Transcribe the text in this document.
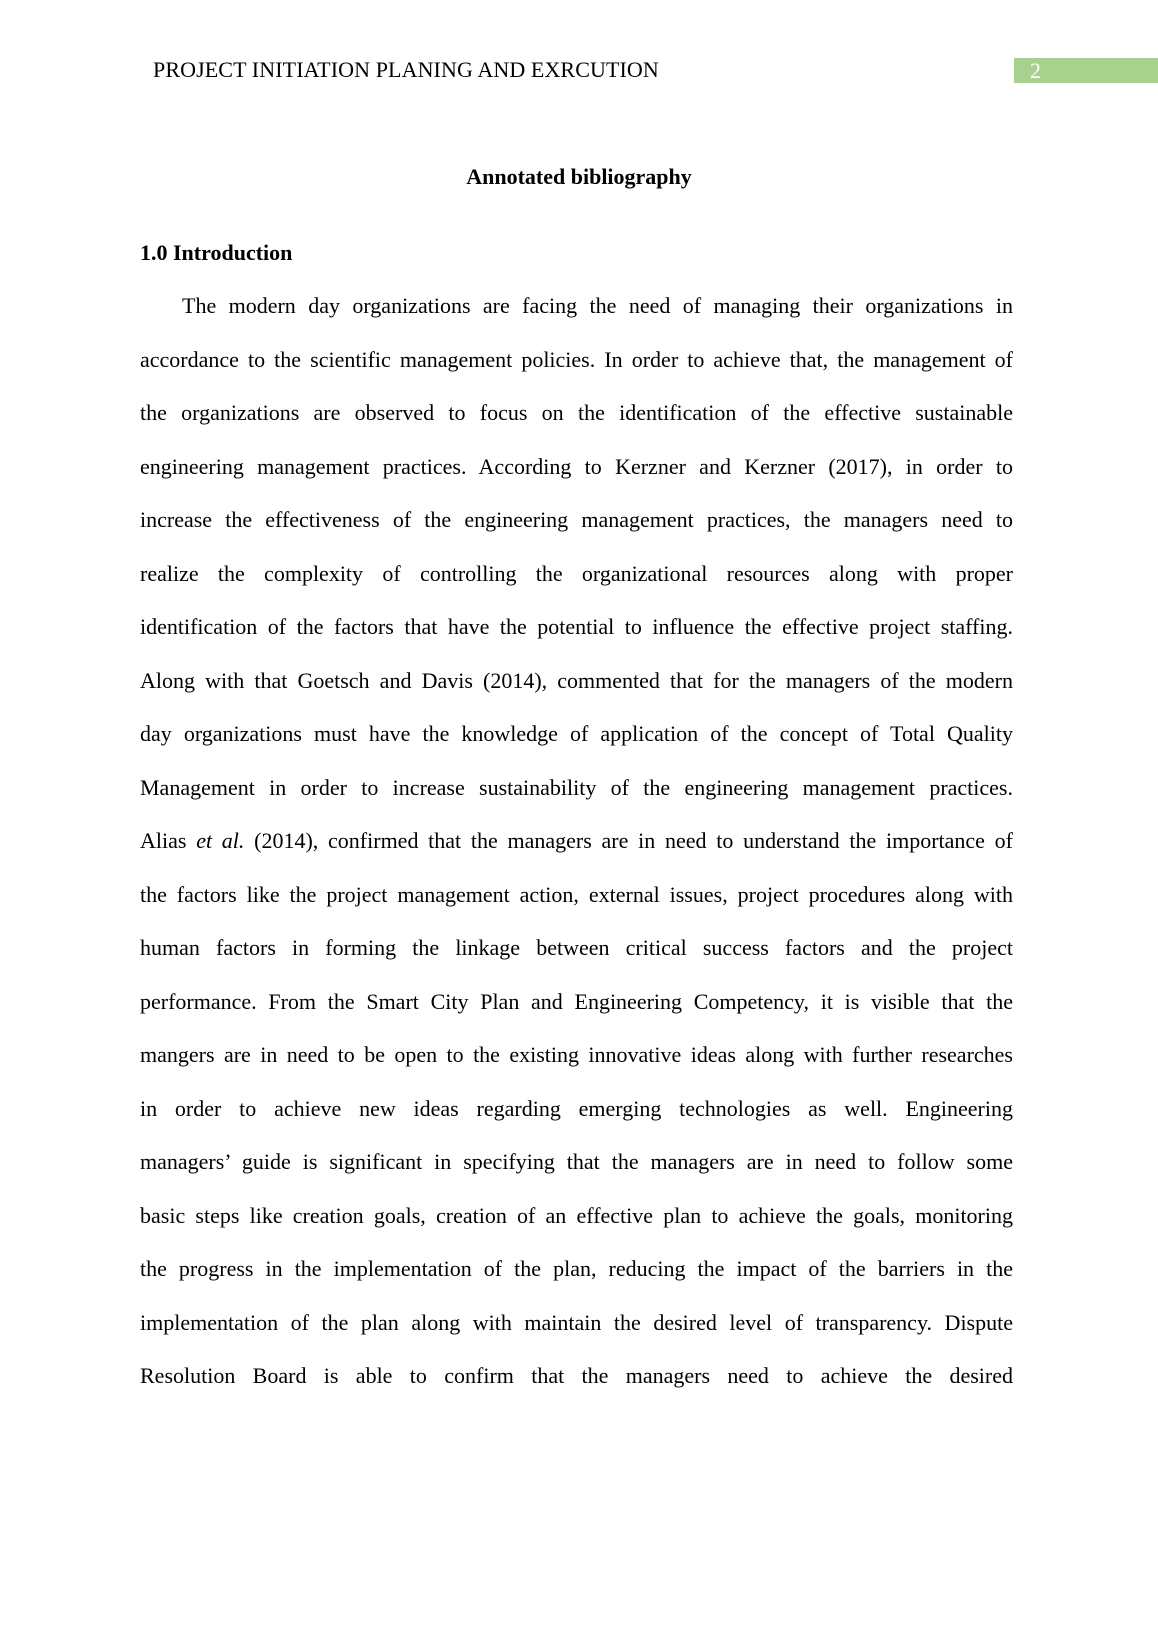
PROJECT INITIATION PLANING AND EXRCUTION	2
Annotated bibliography
1.0 Introduction
The modern day organizations are facing the need of managing their organizations in
accordance to the scientific management policies. In order to achieve that, the management of
the organizations are observed to focus on the identification of the effective sustainable
engineering management practices. According to Kerzner and Kerzner (2017), in order to
increase the effectiveness of the engineering management practices, the managers need to
realize the complexity of controlling the organizational resources along with proper
identification of the factors that have the potential to influence the effective project staffing.
Along with that Goetsch and Davis (2014), commented that for the managers of the modern
day organizations must have the knowledge of application of the concept of Total Quality
Management in order to increase sustainability of the engineering management practices.
Alias et al. (2014), confirmed that the managers are in need to understand the importance of
the factors like the project management action, external issues, project procedures along with
human factors in forming the linkage between critical success factors and the project
performance. From the Smart City Plan and Engineering Competency, it is visible that the
mangers are in need to be open to the existing innovative ideas along with further researches
in order to achieve new ideas regarding emerging technologies as well. Engineering
managers’ guide is significant in specifying that the managers are in need to follow some
basic steps like creation goals, creation of an effective plan to achieve the goals, monitoring
the progress in the implementation of the plan, reducing the impact of the barriers in the
implementation of the plan along with maintain the desired level of transparency. Dispute
Resolution Board is able to confirm that the managers need to achieve the desired
